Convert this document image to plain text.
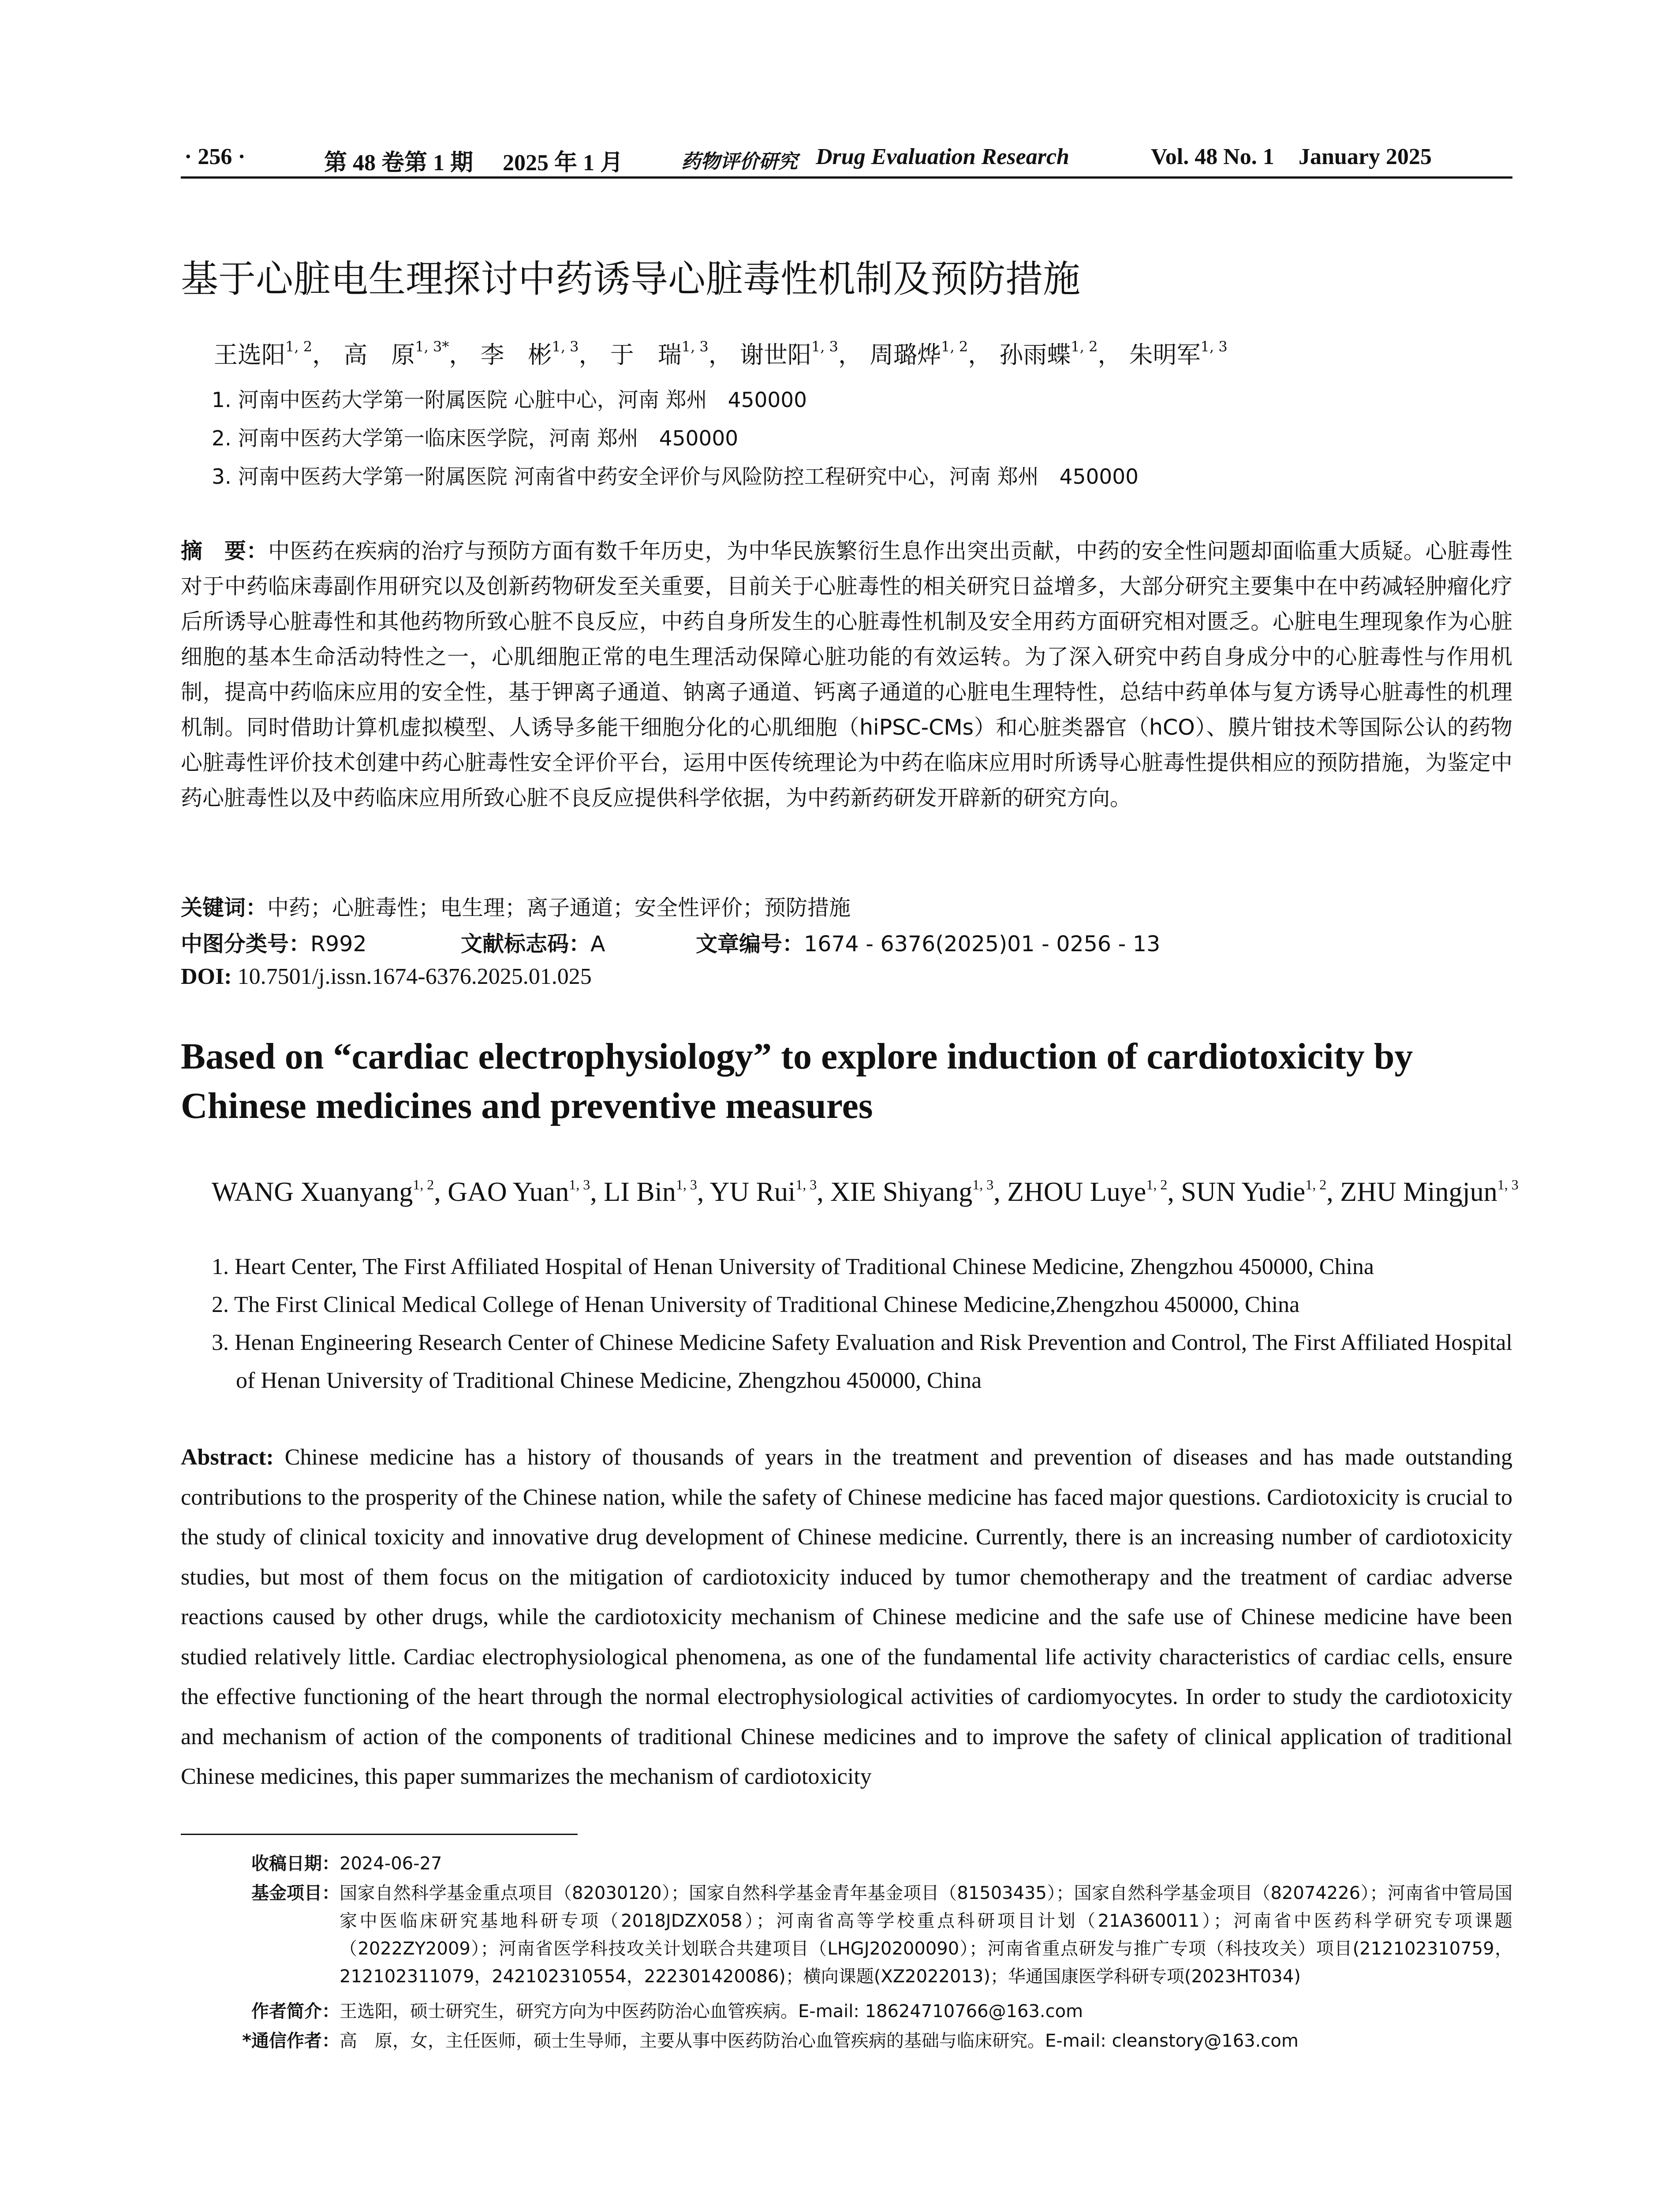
· 256 ·	第 48 卷第 1 期 2025 年 1 月	药物评价研究 Drug Evaluation Research	Vol. 48 No. 1 January 2025
基于心脏电生理探讨中药诱导心脏毒性机制及预防措施
王选阳$^{1, 2}$， 高　原$^{1, 3*}$， 李　彬$^{1, 3}$， 于　瑞$^{1, 3}$， 谢世阳$^{1, 3}$， 周璐烨$^{1, 2}$， 孙雨蝶$^{1, 2}$， 朱明军$^{1, 3}$
1. 河南中医药大学第一附属医院 心脏中心，河南 郑州　450000
2. 河南中医药大学第一临床医学院，河南 郑州　450000
3. 河南中医药大学第一附属医院 河南省中药安全评价与风险防控工程研究中心，河南 郑州　450000
摘　要：中医药在疾病的治疗与预防方面有数千年历史，为中华民族繁衍生息作出突出贡献，中药的安全性问题却面临重大质疑。心脏毒性对于中药临床毒副作用研究以及创新药物研发至关重要，目前关于心脏毒性的相关研究日益增多，大部分研究主要集中在中药减轻肿瘤化疗后所诱导心脏毒性和其他药物所致心脏不良反应，中药自身所发生的心脏毒性机制及安全用药方面研究相对匮乏。心脏电生理现象作为心脏细胞的基本生命活动特性之一，心肌细胞正常的电生理活动保障心脏功能的有效运转。为了深入研究中药自身成分中的心脏毒性与作用机制，提高中药临床应用的安全性，基于钾离子通道、钠离子通道、钙离子通道的心脏电生理特性，总结中药单体与复方诱导心脏毒性的机理机制。同时借助计算机虚拟模型、人诱导多能干细胞分化的心肌细胞（hiPSC-CMs）和心脏类器官（hCO）、膜片钳技术等国际公认的药物心脏毒性评价技术创建中药心脏毒性安全评价平台，运用中医传统理论为中药在临床应用时所诱导心脏毒性提供相应的预防措施，为鉴定中药心脏毒性以及中药临床应用所致心脏不良反应提供科学依据，为中药新药研发开辟新的研究方向。
关键词：中药；心脏毒性；电生理；离子通道；安全性评价；预防措施
中图分类号：R992	文献标志码：A	文章编号：1674 - 6376(2025)01 - 0256 - 13
DOI: 10.7501/j.issn.1674-6376.2025.01.025
Based on “cardiac electrophysiology” to explore induction of cardiotoxicity by Chinese medicines and preventive measures
WANG Xuanyang$^{1, 2}$, GAO Yuan$^{1, 3}$, LI Bin$^{1, 3}$, YU Rui$^{1, 3}$, XIE Shiyang$^{1, 3}$, ZHOU Luye$^{1, 2}$, SUN Yudie$^{1, 2}$, ZHU Mingjun$^{1, 3}$
1. Heart Center, The First Affiliated Hospital of Henan University of Traditional Chinese Medicine, Zhengzhou 450000, China
2. The First Clinical Medical College of Henan University of Traditional Chinese Medicine,Zhengzhou 450000, China
3. Henan Engineering Research Center of Chinese Medicine Safety Evaluation and Risk Prevention and Control, The First Affiliated Hospital of Henan University of Traditional Chinese Medicine, Zhengzhou 450000, China
Abstract: Chinese medicine has a history of thousands of years in the treatment and prevention of diseases and has made outstanding contributions to the prosperity of the Chinese nation, while the safety of Chinese medicine has faced major questions. Cardiotoxicity is crucial to the study of clinical toxicity and innovative drug development of Chinese medicine. Currently, there is an increasing number of cardiotoxicity studies, but most of them focus on the mitigation of cardiotoxicity induced by tumor chemotherapy and the treatment of cardiac adverse reactions caused by other drugs, while the cardiotoxicity mechanism of Chinese medicine and the safe use of Chinese medicine have been studied relatively little. Cardiac electrophysiological phenomena, as one of the fundamental life activity characteristics of cardiac cells, ensure the effective functioning of the heart through the normal electrophysiological activities of cardiomyocytes. In order to study the cardiotoxicity and mechanism of action of the components of traditional Chinese medicines and to improve the safety of clinical application of traditional Chinese medicines, this paper summarizes the mechanism of cardiotoxicity
收稿日期： 2024-06-27
基金项目： 国家自然科学基金重点项目（82030120）；国家自然科学基金青年基金项目（81503435）；国家自然科学基金项目（82074226）；河南省中管局国家中医临床研究基地科研专项（2018JDZX058）；河南省高等学校重点科研项目计划（21A360011）；河南省中医药科学研究专项课题（2022ZY2009）；河南省医学科技攻关计划联合共建项目（LHGJ20200090）；河南省重点研发与推广专项（科技攻关）项目(212102310759，212102311079，242102310554，222301420086)；横向课题(XZ2022013)；华通国康医学科研专项(2023HT034)
作者简介： 王选阳，硕士研究生，研究方向为中医药防治心血管疾病。E-mail: 18624710766@163.com
*通信作者： 高　原，女，主任医师，硕士生导师，主要从事中医药防治心血管疾病的基础与临床研究。E-mail: cleanstory@163.com
